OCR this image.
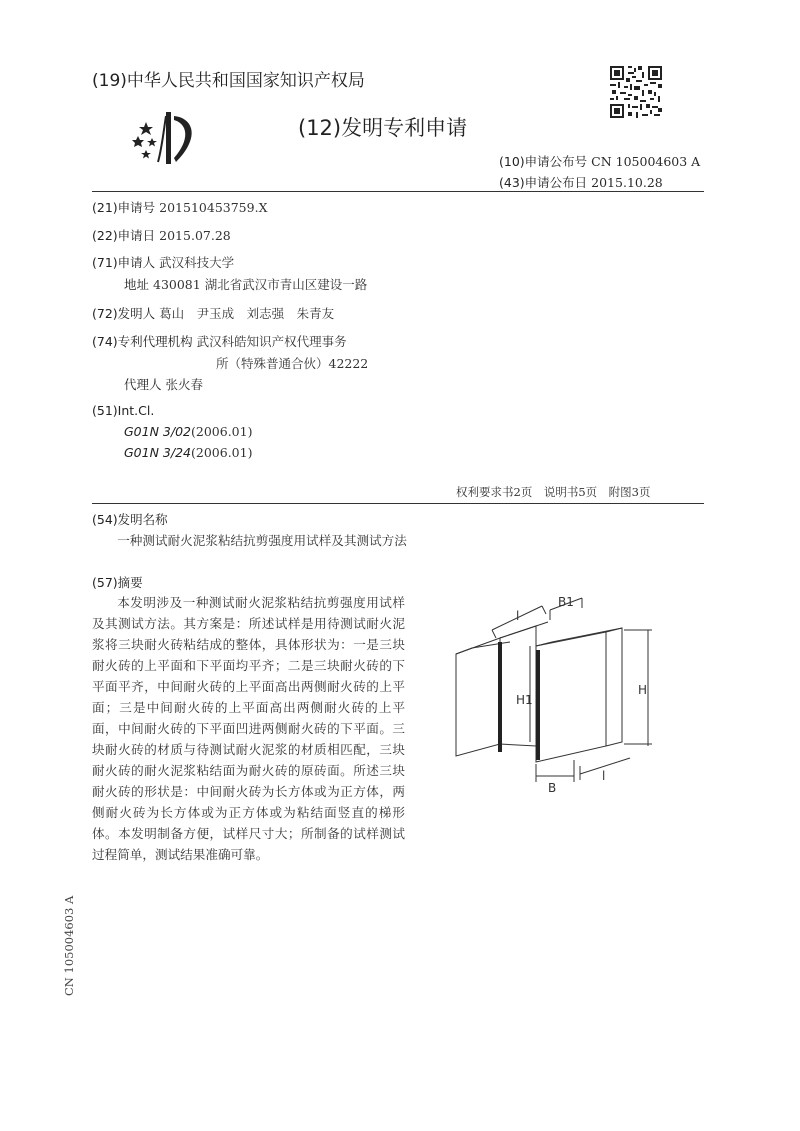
(19)中华人民共和国国家知识产权局
(12)发明专利申请
(10)申请公布号 CN 105004603 A
(43)申请公布日 2015.10.28
(21)申请号 201510453759.X
(22)申请日 2015.07.28
(71)申请人 武汉科技大学
地址 430081 湖北省武汉市青山区建设一路
(72)发明人 葛山　尹玉成　刘志强　朱青友
(74)专利代理机构 武汉科皓知识产权代理事务
所（特殊普通合伙）42222
代理人 张火春
(51)Int.Cl.
G01N 3/02(2006.01)
G01N 3/24(2006.01)
权利要求书2页　说明书5页　附图3页
(54)发明名称

一种测试耐火泥浆粘结抗剪强度用试样及其测试方法

(57)摘要

本发明涉及一种测试耐火泥浆粘结抗剪强度用试样及其测试方法。其方案是：所述试样是用待测试耐火泥浆将三块耐火砖粘结成的整体，具体形状为：一是三块耐火砖的上平面和下平面均平齐；二是三块耐火砖的下平面平齐，中间耐火砖的上平面高出两侧耐火砖的上平面；三是中间耐火砖的上平面高出两侧耐火砖的上平面，中间耐火砖的下平面凹进两侧耐火砖的下平面。三块耐火砖的材质与待测试耐火泥浆的材质相匹配，三块耐火砖的耐火泥浆粘结面为耐火砖的原砖面。所述三块耐火砖的形状是：中间耐火砖为长方体或为正方体，两侧耐火砖为长方体或为正方体或为粘结面竖直的梯形体。本发明制备方便，试样尺寸大；所制备的试样测试过程简单，测试结果准确可靠。

l
B1
H1
H
B
l
CN 105004603 A
